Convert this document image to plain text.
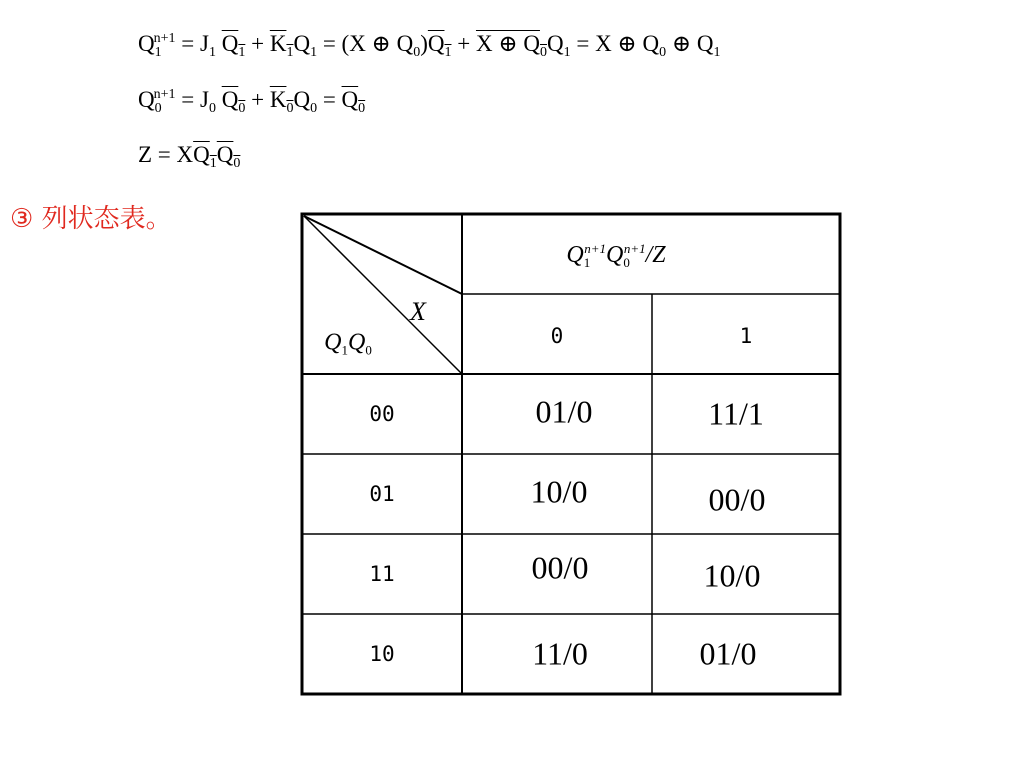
$Q_1^{n+1} = J_1$ $Q_1 + K_1Q_1 = (X$ ⊕ $Q_0)Q_1 + X$ ⊕ $Q_0Q_1 = X$ ⊕ $Q_0$ ⊕ $Q_1$
$Q_0^{n+1} = J_0$ $Q_0 + K_0Q_0 = Q_0$
$Z = XQ_1Q_0$
③ 列状态表。
$Q_1^{n+1}Q_0^{n+1}/Z$
X
$Q_1Q_0$
0	1
00	01/0	11/1
01	10/0	00/0
11	00/0	10/0
10	11/0	01/0
